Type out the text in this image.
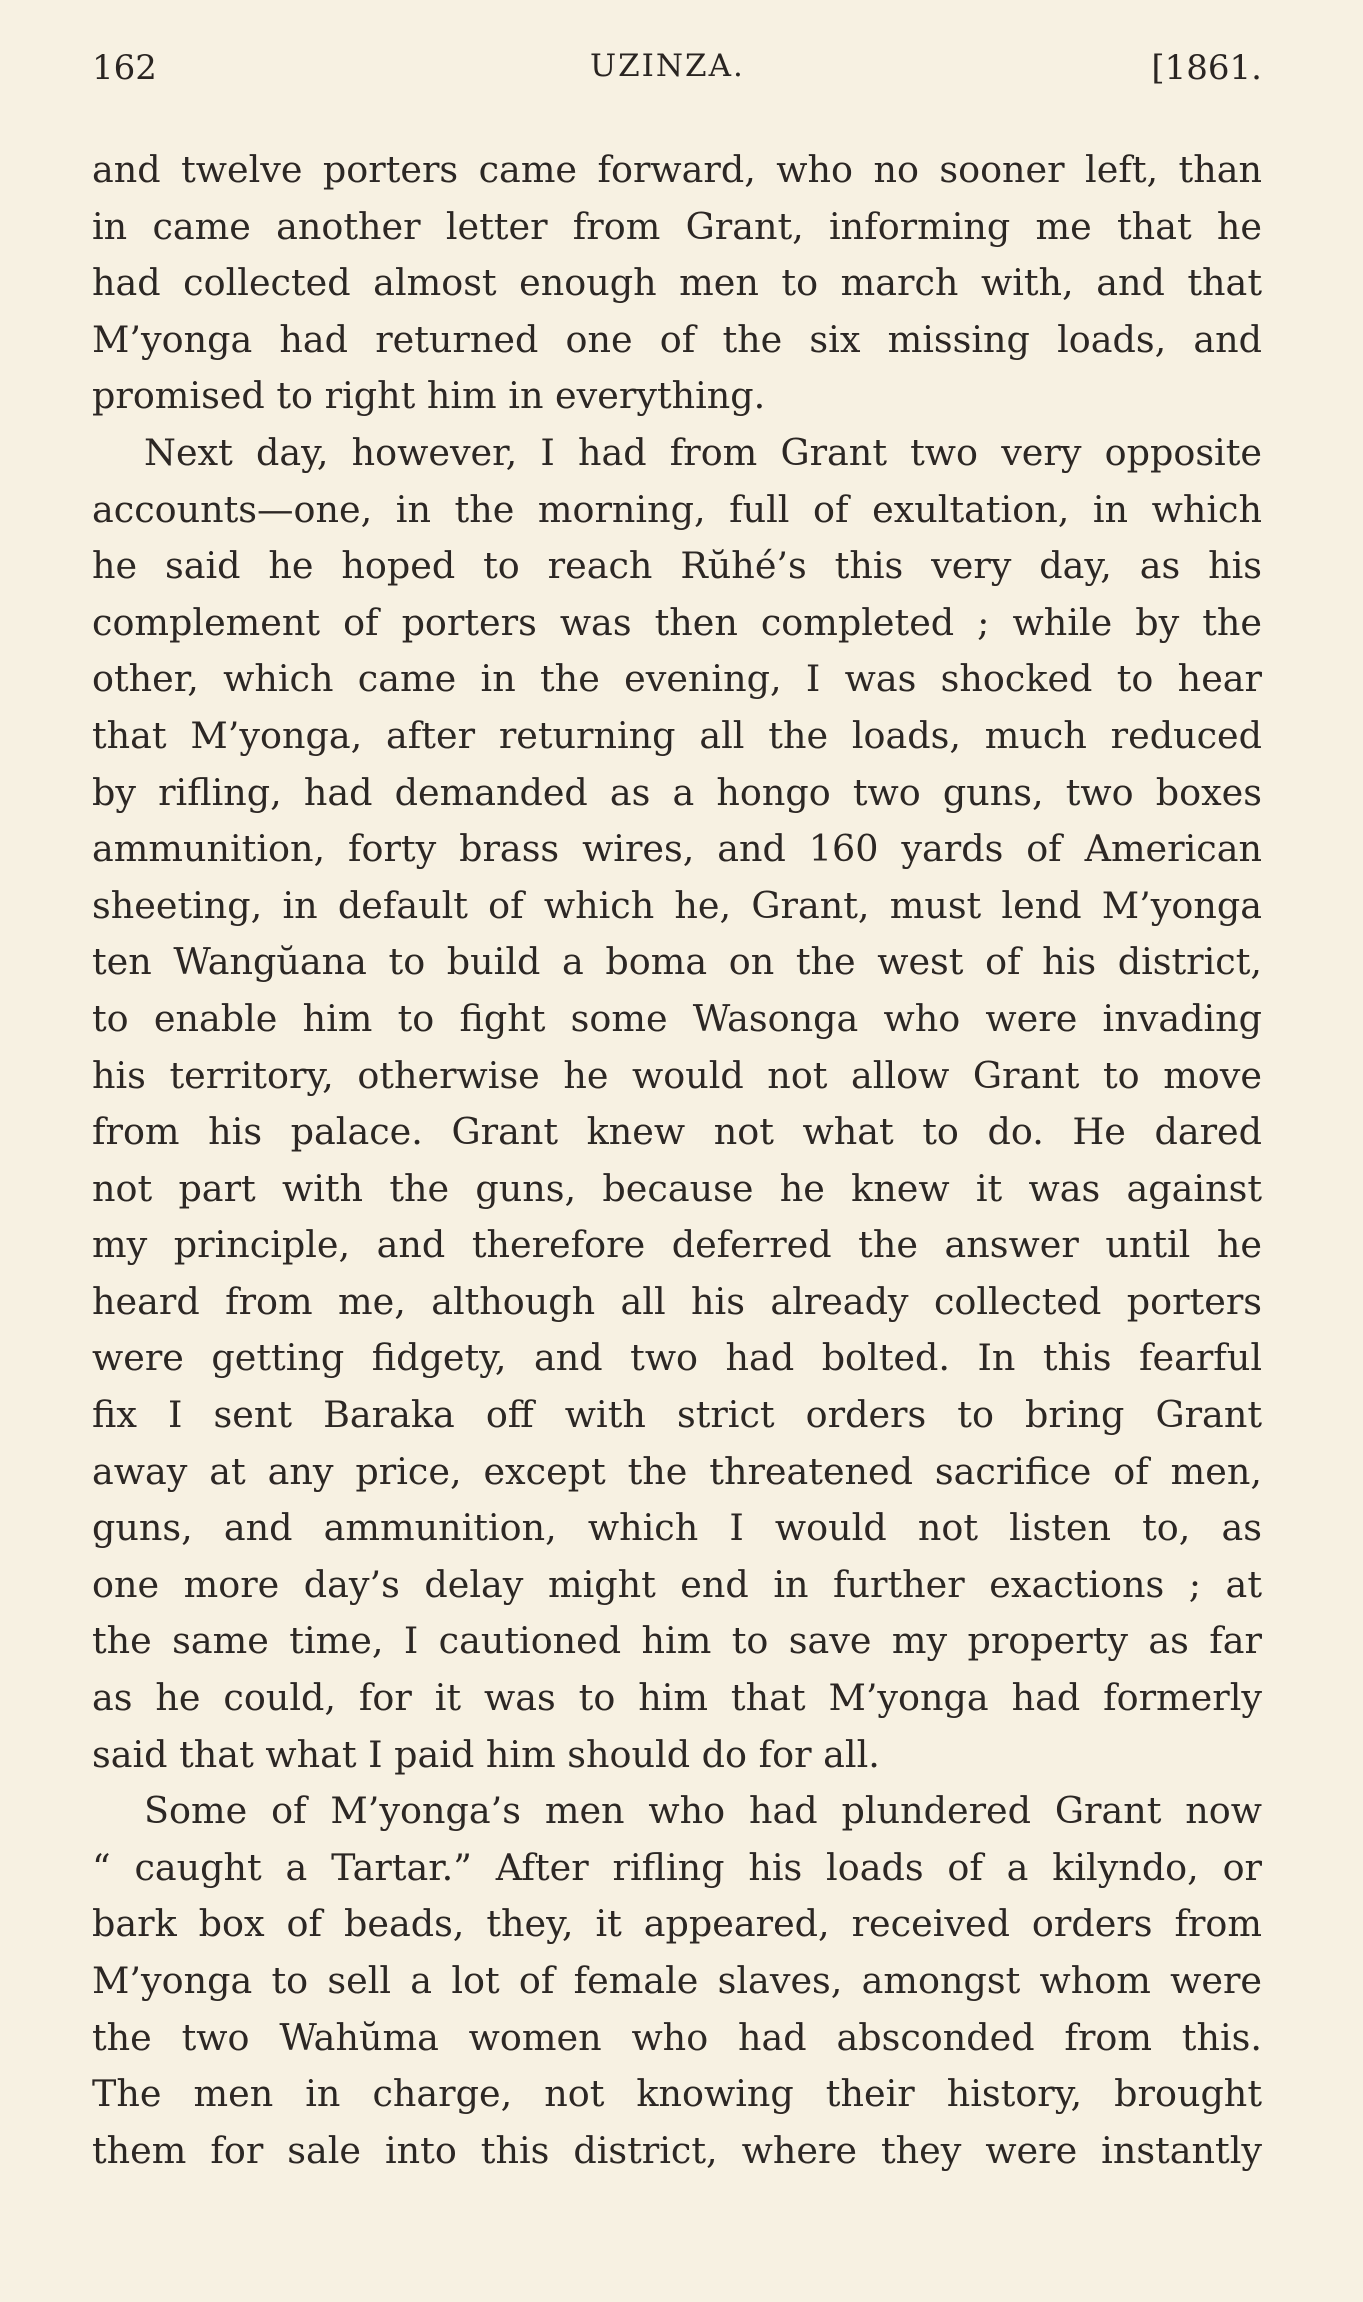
162	UZINZA.	[1861.
and twelve porters came forward, who no sooner left, than
in came another letter from Grant, informing me that he
had collected almost enough men to march with, and that
M’yonga had returned one of the six missing loads, and
promised to right him in everything.
Next day, however, I had from Grant two very opposite
accounts—one, in the morning, full of exultation, in which
he said he hoped to reach Rŭhé’s this very day, as his
complement of porters was then completed ; while by the
other, which came in the evening, I was shocked to hear
that M’yonga, after returning all the loads, much reduced
by rifling, had demanded as a hongo two guns, two boxes
ammunition, forty brass wires, and 160 yards of American
sheeting, in default of which he, Grant, must lend M’yonga
ten Wangŭana to build a boma on the west of his district,
to enable him to fight some Wasonga who were invading
his territory, otherwise he would not allow Grant to move
from his palace. Grant knew not what to do. He dared
not part with the guns, because he knew it was against
my principle, and therefore deferred the answer until he
heard from me, although all his already collected porters
were getting fidgety, and two had bolted. In this fearful
fix I sent Baraka off with strict orders to bring Grant
away at any price, except the threatened sacrifice of men,
guns, and ammunition, which I would not listen to, as
one more day’s delay might end in further exactions ; at
the same time, I cautioned him to save my property as far
as he could, for it was to him that M’yonga had formerly
said that what I paid him should do for all.
Some of M’yonga’s men who had plundered Grant now
“ caught a Tartar.” After rifling his loads of a kilyndo, or
bark box of beads, they, it appeared, received orders from
M’yonga to sell a lot of female slaves, amongst whom were
the two Wahŭma women who had absconded from this.
The men in charge, not knowing their history, brought
them for sale into this district, where they were instantly
